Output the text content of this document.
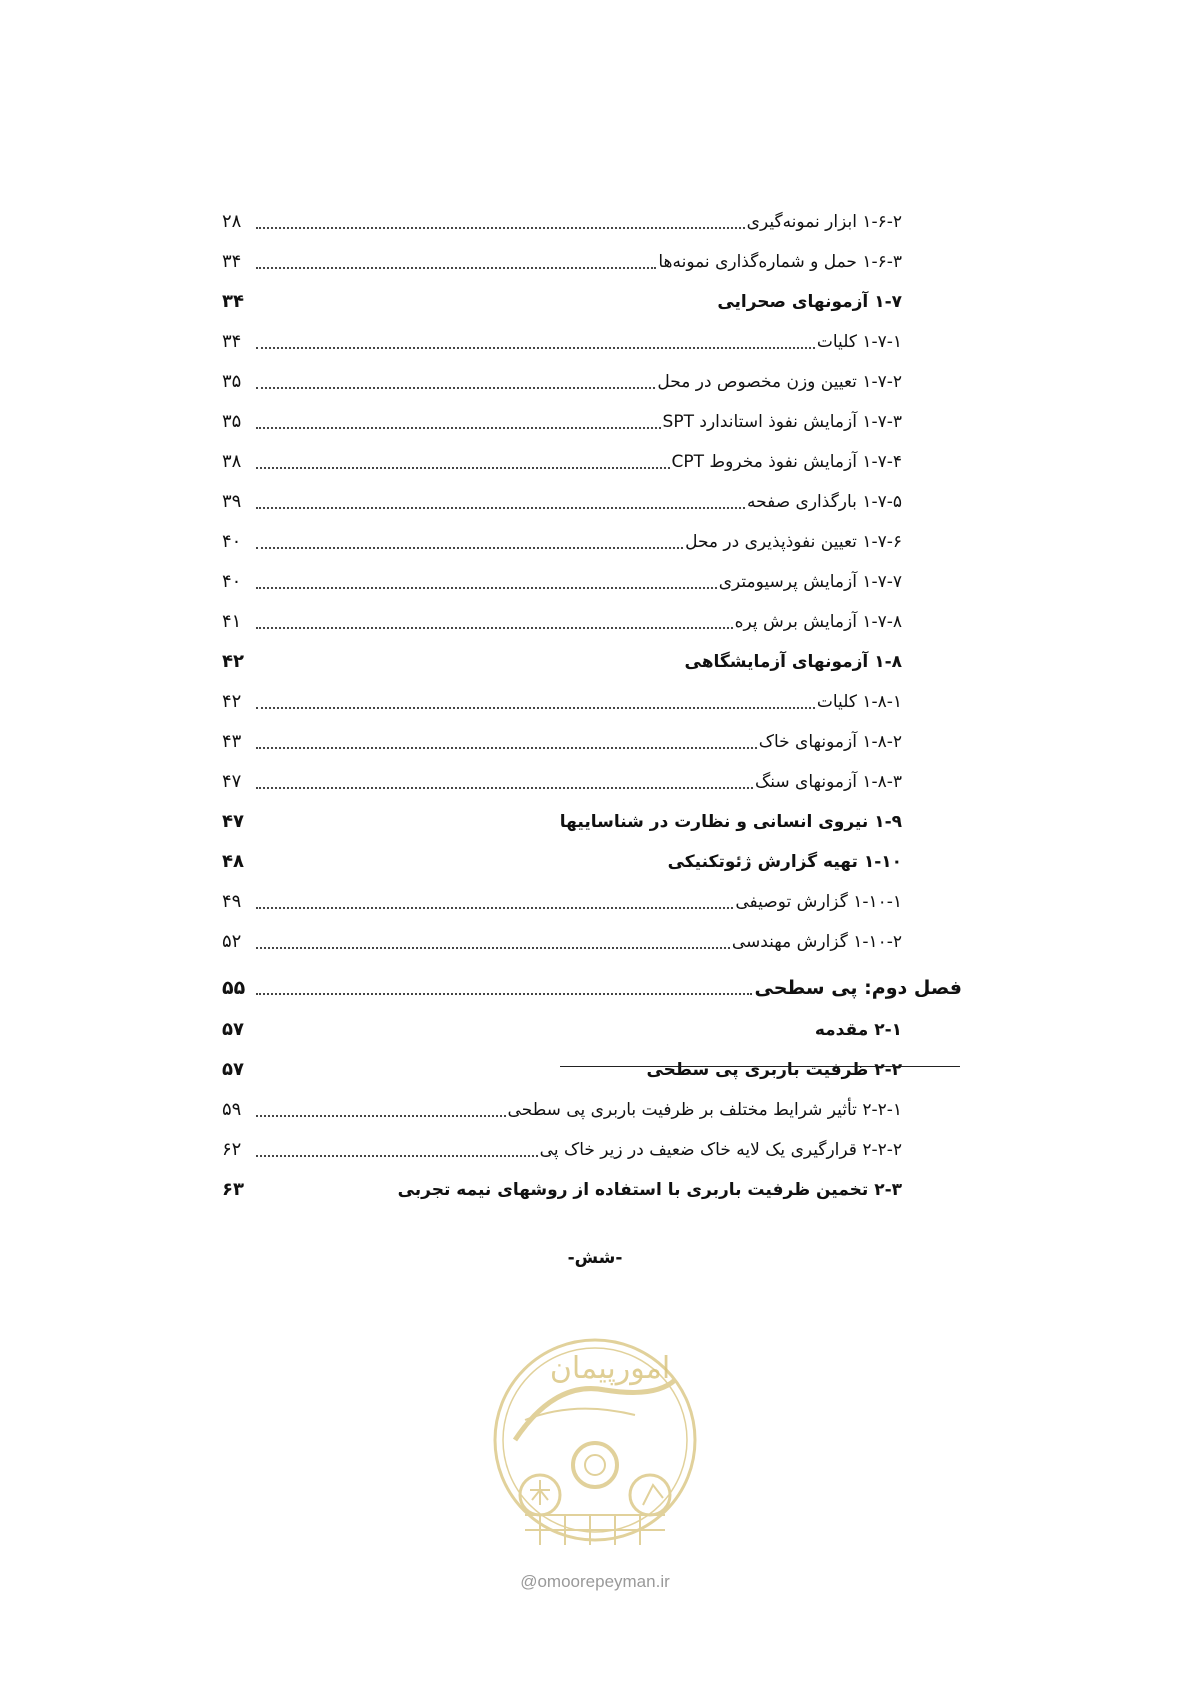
۲۸	۱-۶-۲ ابزار نمونه‌گیری
۳۴	۱-۶-۳ حمل و شماره‌گذاری نمونه‌ها
۳۴	۱-۷ آزمونهای صحرایی
۳۴	۱-۷-۱ کلیات
۳۵	۱-۷-۲ تعیین وزن مخصوص در محل
۳۵	۱-۷-۳ آزمایش نفوذ استاندارد SPT
۳۸	۱-۷-۴ آزمایش نفوذ مخروط CPT
۳۹	۱-۷-۵ بارگذاری صفحه
۴۰	۱-۷-۶ تعیین نفوذپذیری در محل
۴۰	۱-۷-۷ آزمایش پرسیومتری
۴۱	۱-۷-۸ آزمایش برش پره
۴۲	۱-۸ آزمونهای آزمایشگاهی
۴۲	۱-۸-۱ کلیات
۴۳	۱-۸-۲ آزمونهای خاک
۴۷	۱-۸-۳ آزمونهای سنگ
۴۷	۱-۹ نیروی انسانی و نظارت در شناساییها
۴۸	۱-۱۰ تهیه گزارش ژئوتکنیکی
۴۹	۱-۱۰-۱ گزارش توصیفی
۵۲	۱-۱۰-۲ گزارش مهندسی
۵۵	فصل دوم: پی سطحی
۵۷	۲-۱ مقدمه
۵۷	۲-۲ ظرفیت باربری پی سطحی
۵۹	۲-۲-۱ تأثیر شرایط مختلف بر ظرفیت باربری پی سطحی
۶۲	۲-۲-۲ قرارگیری یک لایه خاک ضعیف در زیر خاک پی
۶۳	۲-۳ تخمین ظرفیت باربری با استفاده از روشهای نیمه تجربی
-شش-
امورپیمان
@omoorepeyman.ir
